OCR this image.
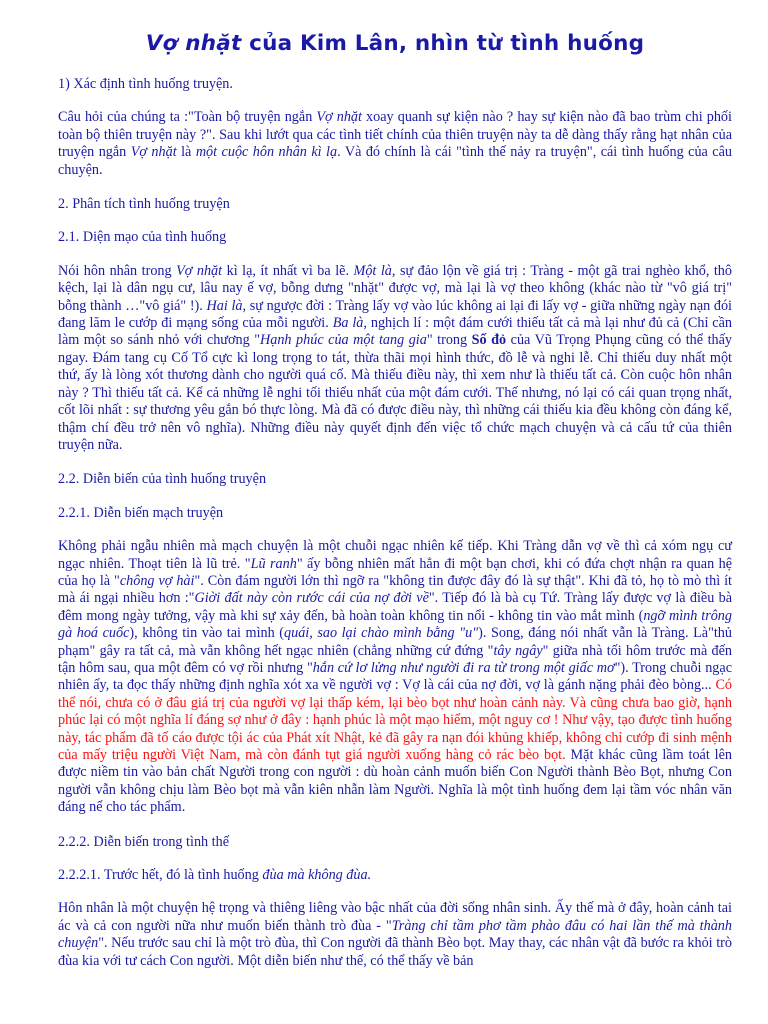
Vợ nhặt của Kim Lân, nhìn từ tình huống

1) Xác định tình huống truyện.

Câu hỏi của chúng ta :"Toàn bộ truyện ngắn Vợ nhặt xoay quanh sự kiện nào ? hay sự kiện nào đã bao trùm chi phối toàn bộ thiên truyện này ?". Sau khi lướt qua các tình tiết chính của thiên truyện này ta dễ dàng thấy rằng hạt nhân của truyện ngắn Vợ nhặt là một cuộc hôn nhân kì lạ. Và đó chính là cái "tình thế nảy ra truyện", cái tình huống của câu chuyện.

2. Phân tích tình huống truyện

2.1. Diện mạo của tình huống

Nói hôn nhân trong Vợ nhặt kì lạ, ít nhất vì ba lẽ. Một là, sự đảo lộn về giá trị : Tràng - một gã trai nghèo khổ, thô kệch, lại là dân ngụ cư, lâu nay ế vợ, bỗng dưng "nhặt" được vợ, mà lại là vợ theo không (khác nào từ "vô giá trị" bỗng thành …"vô giá" !). Hai là, sự ngược đời : Tràng lấy vợ vào lúc không ai lại đi lấy vợ - giữa những ngày nạn đói đang lăm le cướp đi mạng sống của mỗi người. Ba là, nghịch lí : một đám cưới thiếu tất cả mà lại như đủ cả (Chỉ cần làm một so sánh nhỏ với chương "Hạnh phúc của một tang gia" trong Số đỏ của Vũ Trọng Phụng cũng có thể thấy ngay. Đám tang cụ Cố Tổ cực kì long trọng to tát, thừa thãi mọi hình thức, đồ lễ và nghi lễ. Chỉ thiếu duy nhất một thứ, ấy là lòng xót thương dành cho người quá cố. Mà thiếu điều này, thì xem như là thiếu tất cả. Còn cuộc hôn nhân này ? Thì thiếu tất cả. Kể cả những lễ nghi tối thiểu nhất của một đám cưới. Thế nhưng, nó lại có cái quan trọng nhất, cốt lõi nhất : sự thương yêu gắn bó thực lòng. Mà đã có được điều này, thì những cái thiếu kia đều không còn đáng kể, thậm chí đều trở nên vô nghĩa). Những điều này quyết định đến việc tổ chức mạch chuyện và cả cấu tứ của thiên truyện nữa.

2.2. Diễn biến của tình huống truyện

2.2.1. Diễn biến mạch truyện

Không phải ngẫu nhiên mà mạch chuyện là một chuỗi ngạc nhiên kế tiếp. Khi Tràng dẫn vợ về thì cả xóm ngụ cư ngạc nhiên. Thoạt tiên là lũ trẻ. "Lũ ranh" ấy bỗng nhiên mất hẳn đi một bạn chơi, khi có đứa chợt nhận ra quan hệ của họ là "chông vợ hài". Còn đám người lớn thì ngỡ ra "không tin được đây đó là sự thật". Khi đã tỏ, họ tò mò thì ít mà ái ngại nhiều hơn :"Giời đất này còn rước cái của nợ đời về". Tiếp đó là bà cụ Tứ. Tràng lấy được vợ là điều bà đêm mong ngày tưởng, vậy mà khi sự xảy đến, bà hoàn toàn không tin nổi - không tin vào mắt mình (ngỡ mình trông gà hoá cuốc), không tin vào tai mình (quái, sao lại chào mình bằng "u"). Song, đáng nói nhất vẫn là Tràng. Là"thủ phạm" gây ra tất cả, mà vẫn không hết ngạc nhiên (chẳng những cứ đứng "tây ngây" giữa nhà tối hôm trước mà đến tận hôm sau, qua một đêm có vợ rồi nhưng "hắn cứ lơ lửng như người đi ra từ trong một giấc mơ"). Trong chuỗi ngạc nhiên ấy, ta đọc thấy những định nghĩa xót xa về người vợ : Vợ là cái của nợ đời, vợ là gánh nặng phải đèo bòng... Có thể nói, chưa có ở đâu giá trị của người vợ lại thấp kém, lại bèo bọt như hoàn cảnh này. Và cũng chưa bao giờ, hạnh phúc lại có một nghĩa lí đáng sợ như ở đây : hạnh phúc là một mạo hiểm, một nguy cơ ! Như vậy, tạo được tình huống này, tác phẩm đã tố cáo được tội ác của Phát xít Nhật, kẻ đã gây ra nạn đói khủng khiếp, không chỉ cướp đi sinh mệnh của mấy triệu người Việt Nam, mà còn đánh tụt giá người xuống hàng cỏ rác bèo bọt. Mặt khác cũng lầm toát lên được niềm tin vào bản chất Người trong con người : dù hoàn cảnh muốn biến Con Người thành Bèo Bọt, nhưng Con người vẫn không chịu làm Bèo bọt mà vẫn kiên nhẫn làm Người. Nghĩa là một tình huống đem lại tầm vóc nhân văn đáng nể cho tác phẩm.

2.2.2. Diễn biến trong tình thế

2.2.2.1. Trước hết, đó là tình huống đùa mà không đùa.

Hôn nhân là một chuyện hệ trọng và thiêng liêng vào bậc nhất của đời sống nhân sinh. Ấy thế mà ở đây, hoàn cảnh tai ác và cả con người nữa như muốn biến thành trò đùa - "Tràng chỉ tầm phơ tầm phào đâu có hai lần thế mà thành chuyện". Nếu trước sau chỉ là một trò đùa, thì Con người đã thành Bèo bọt. May thay, các nhân vật đã bước ra khỏi trò đùa kia với tư cách Con người. Một diễn biến như thế, có thể thấy về bản
